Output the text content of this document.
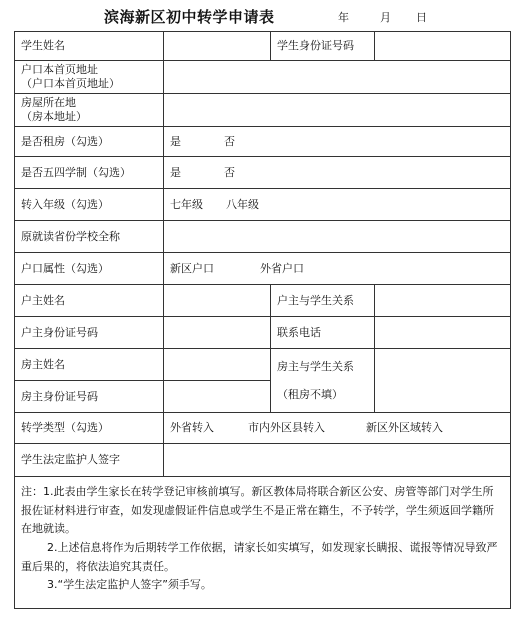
滨海新区初中转学申请表	年	月 日
学生姓名		学生身份证号码	

户口本首页地址
（户口本首页地址）			

房屋所在地
（房本地址）			

是否租房（勾选）	是 否		
是否五四学制（勾选）	是 否		
转入年级（勾选）	七年级 八年级		
原就读省份学校全称			
户口属性（勾选）	新区户口 外省户口		
户主姓名		户主与学生关系	
户主身份证号码		联系电话	
房主姓名		房主与学生关系
（租房不填）	

房主身份证号码			
转学类型（勾选）	外省转入 市内外区县转入 新区外区域转入		
学生法定监护人签字			

注：1.此表由学生家长在转学登记审核前填写。新区教体局将联合新区公安、房管等部门对学生所报佐证材料进行审查，如发现虚假证件信息或学生不是正常在籍生，不予转学，学生须返回学籍所在地就读。

2.上述信息将作为后期转学工作依据，请家长如实填写，如发现家长瞒报、谎报等情况导致严重后果的，将依法追究其责任。

3.“学生法定监护人签字”须手写。			
